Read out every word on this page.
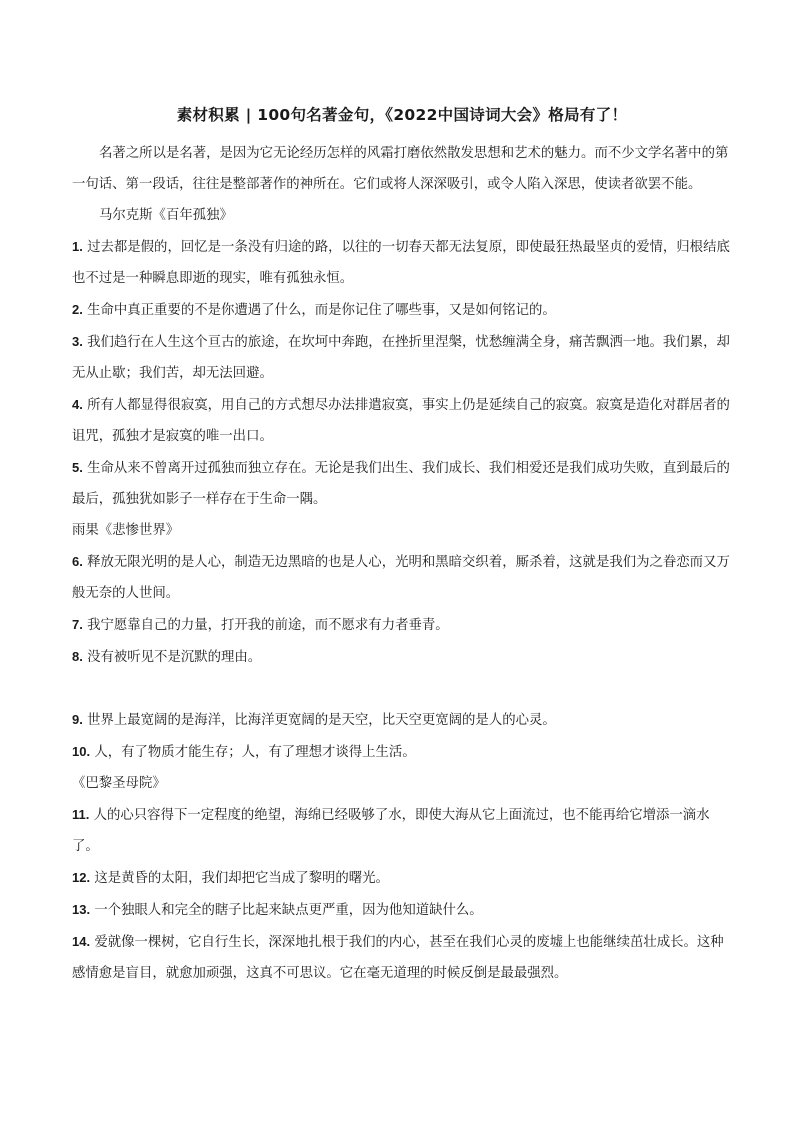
素材积累 | 100句名著金句，《2022中国诗词大会》格局有了！

名著之所以是名著，是因为它无论经历怎样的风霜打磨依然散发思想和艺术的魅力。而不少文学名著中的第一句话、第一段话，往往是整部著作的神所在。它们或将人深深吸引，或令人陷入深思，使读者欲罢不能。

马尔克斯《百年孤独》

1. 过去都是假的，回忆是一条没有归途的路，以往的一切春天都无法复原，即使最狂热最坚贞的爱情，归根结底也不过是一种瞬息即逝的现实，唯有孤独永恒。

2. 生命中真正重要的不是你遭遇了什么，而是你记住了哪些事，又是如何铭记的。

3. 我们趋行在人生这个亘古的旅途，在坎坷中奔跑，在挫折里涅槃，忧愁缠满全身，痛苦飘洒一地。我们累，却无从止歇；我们苦，却无法回避。

4. 所有人都显得很寂寞，用自己的方式想尽办法排遣寂寞，事实上仍是延续自己的寂寞。寂寞是造化对群居者的诅咒，孤独才是寂寞的唯一出口。

5. 生命从来不曾离开过孤独而独立存在。无论是我们出生、我们成长、我们相爱还是我们成功失败，直到最后的最后，孤独犹如影子一样存在于生命一隅。

雨果《悲惨世界》

6. 释放无限光明的是人心，制造无边黑暗的也是人心，光明和黑暗交织着，厮杀着，这就是我们为之眷恋而又万般无奈的人世间。

7. 我宁愿靠自己的力量，打开我的前途，而不愿求有力者垂青。

8. 没有被听见不是沉默的理由。

9. 世界上最宽阔的是海洋，比海洋更宽阔的是天空，比天空更宽阔的是人的心灵。

10. 人，有了物质才能生存；人，有了理想才谈得上生活。

《巴黎圣母院》

11. 人的心只容得下一定程度的绝望，海绵已经吸够了水，即使大海从它上面流过，也不能再给它增添一滴水了。

12. 这是黄昏的太阳，我们却把它当成了黎明的曙光。

13. 一个独眼人和完全的瞎子比起来缺点更严重，因为他知道缺什么。

14. 爱就像一棵树，它自行生长，深深地扎根于我们的内心，甚至在我们心灵的废墟上也能继续茁壮成长。这种感情愈是盲目，就愈加顽强，这真不可思议。它在毫无道理的时候反倒是最最强烈。
